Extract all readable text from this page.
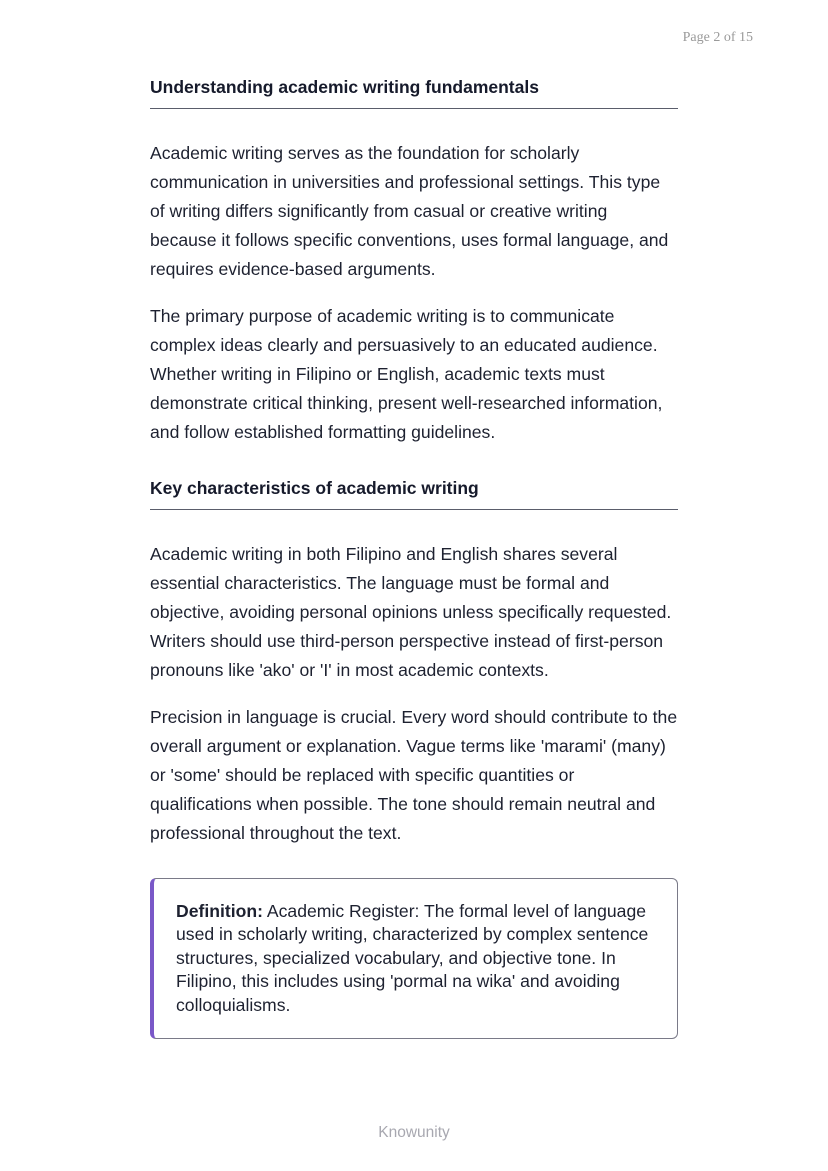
Page 2 of 15
Understanding academic writing fundamentals

Academic writing serves as the foundation for scholarly communication in universities and professional settings. This type of writing differs significantly from casual or creative writing because it follows specific conventions, uses formal language, and requires evidence-based arguments.

The primary purpose of academic writing is to communicate complex ideas clearly and persuasively to an educated audience. Whether writing in Filipino or English, academic texts must demonstrate critical thinking, present well-researched information, and follow established formatting guidelines.

Key characteristics of academic writing

Academic writing in both Filipino and English shares several essential characteristics. The language must be formal and objective, avoiding personal opinions unless specifically requested. Writers should use third-person perspective instead of first-person pronouns like 'ako' or 'I' in most academic contexts.

Precision in language is crucial. Every word should contribute to the overall argument or explanation. Vague terms like 'marami' (many) or 'some' should be replaced with specific quantities or qualifications when possible. The tone should remain neutral and professional throughout the text.

Definition: Academic Register: The formal level of language used in scholarly writing, characterized by complex sentence structures, specialized vocabulary, and objective tone. In Filipino, this includes using 'pormal na wika' and avoiding colloquialisms.
Knowunity
